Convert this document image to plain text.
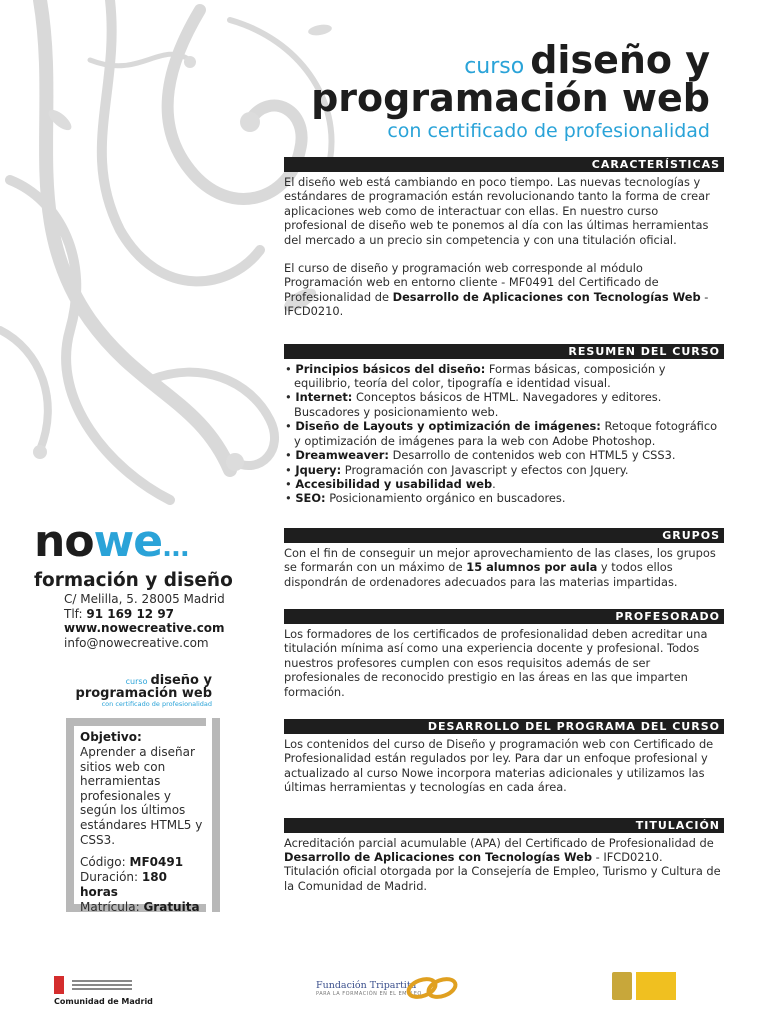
curso diseño y
programación web
con certificado de profesionalidad
CARACTERÍSTICAS

El diseño web está cambiando en poco tiempo. Las nuevas tecnologías y estándares de programación están revolucionando tanto la forma de crear aplicaciones web como de interactuar con ellas. En nuestro curso profesional de diseño web te ponemos al día con las últimas herramientas del mercado a un precio sin competencia y con una titulación oficial.

El curso de diseño y programación web corresponde al módulo Programación web en entorno cliente - MF0491 del Certificado de Profesionalidad de Desarrollo de Aplicaciones con Tecnologías Web - IFCD0210.

RESUMEN DEL CURSO
• Principios básicos del diseño: Formas básicas, composición y equilibrio, teoría del color, tipografía e identidad visual.
• Internet: Conceptos básicos de HTML. Navegadores y editores. Buscadores y posicionamiento web.
• Diseño de Layouts y optimización de imágenes: Retoque fotográfico y optimización de imágenes para la web con Adobe Photoshop.
• Dreamweaver: Desarrollo de contenidos web con HTML5 y CSS3.
• Jquery: Programación con Javascript y efectos con Jquery.
• Accesibilidad y usabilidad web.
• SEO: Posicionamiento orgánico en buscadores.
GRUPOS

Con el fin de conseguir un mejor aprovechamiento de las clases, los grupos se formarán con un máximo de 15 alumnos por aula y todos ellos dispondrán de ordenadores adecuados para las materias impartidas.

PROFESORADO

Los formadores de los certificados de profesionalidad deben acreditar una titulación mínima así como una experiencia docente y profesional. Todos nuestros profesores cumplen con esos requisitos además de ser profesionales de reconocido prestigio en las áreas en las que imparten formación.

DESARROLLO DEL PROGRAMA DEL CURSO

Los contenidos del curso de Diseño y programación web con Certificado de Profesionalidad están regulados por ley. Para dar un enfoque profesional y actualizado al curso Nowe incorpora materias adicionales y utilizamos las últimas herramientas y tecnologías en cada área.

TITULACIÓN

Acreditación parcial acumulable (APA) del Certificado de Profesionalidad de Desarrollo de Aplicaciones con Tecnologías Web - IFCD0210.

Titulación oficial otorgada por la Consejería de Empleo, Turismo y Cultura de la Comunidad de Madrid.

nowe...
formación y diseño
C/ Melilla, 5. 28005 Madrid
Tlf: 91 169 12 97
www.nowecreative.com
info@nowecreative.com
curso diseño y
programación web
con certificado de profesionalidad
Objetivo:

Aprender a diseñar sitios web con herramientas profesionales y según los últimos estándares HTML5 y CSS3.

Código: MF0491
Duración: 180 horas
Matrícula: Gratuita

Comunidad de Madrid
Fundación Tripartita
PARA LA FORMACIÓN EN EL EMPLEO
